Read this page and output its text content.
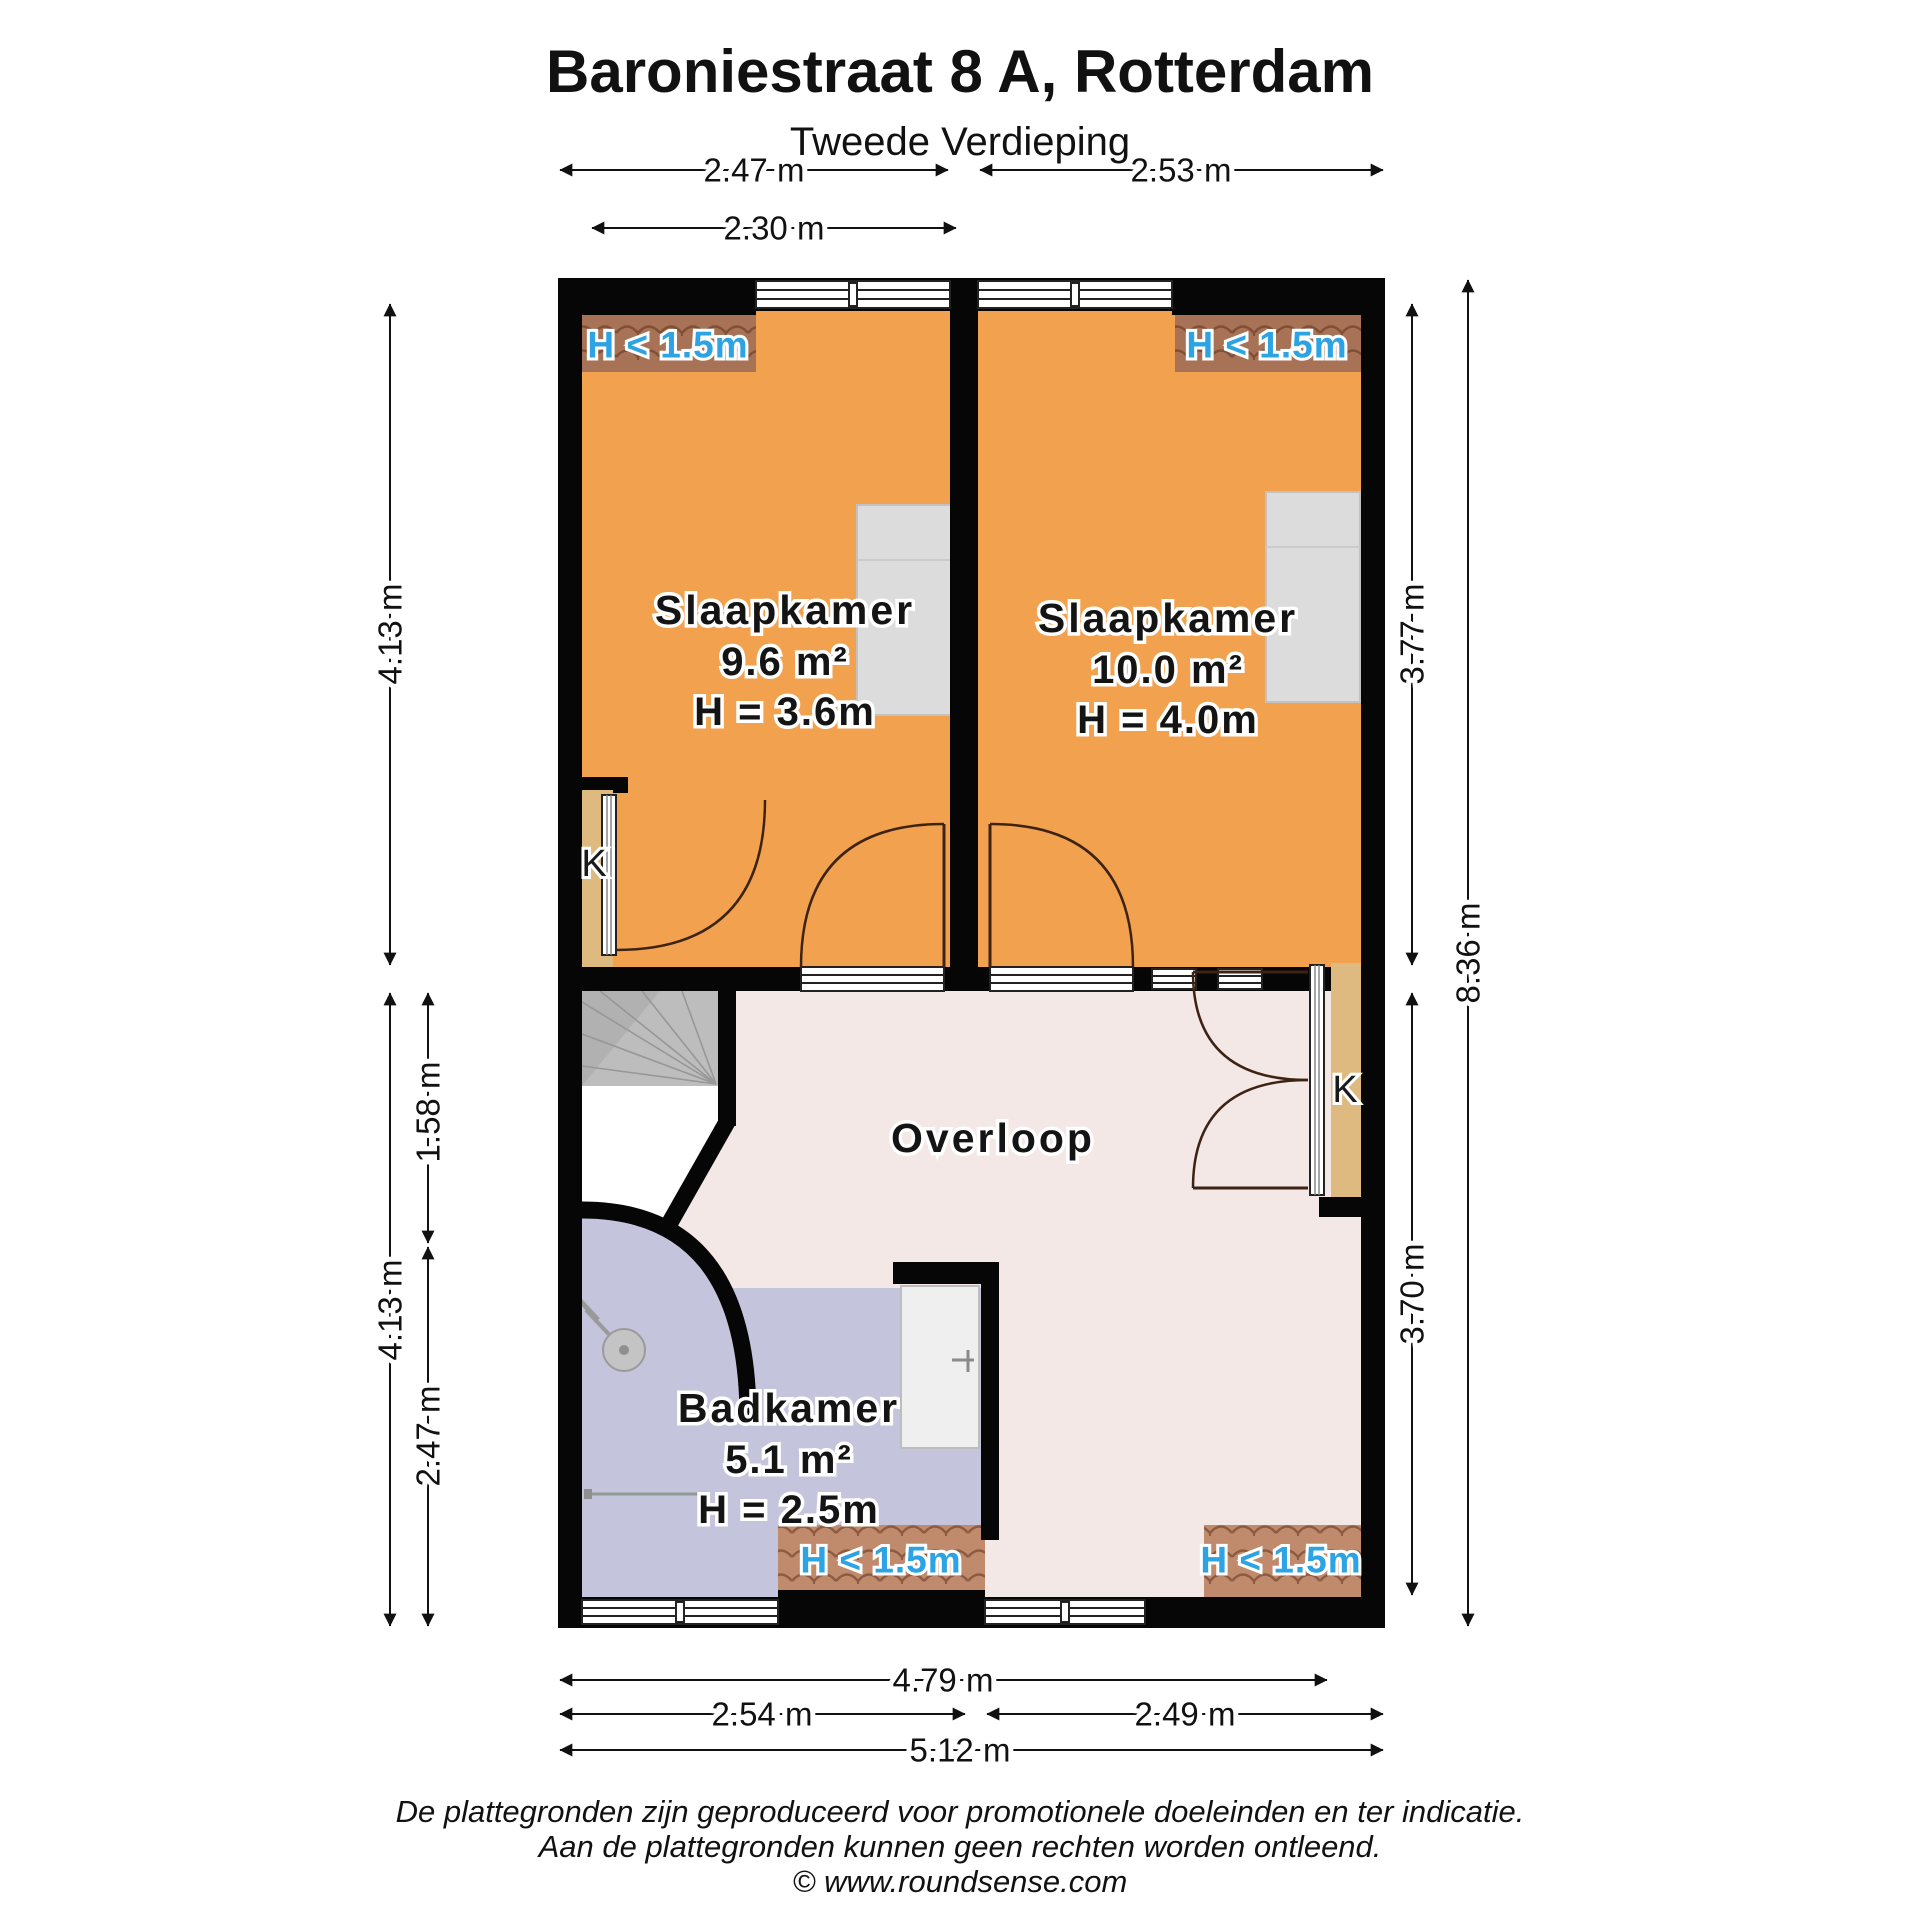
Baroniestraat 8 A, Rotterdam
Tweede Verdieping
Slaapkamer
9.6 m²
H = 3.6m
Slaapkamer
10.0 m²
H = 4.0m
Overloop
Badkamer
5.1 m²
H = 2.5m
K
K
H < 1.5m	H < 1.5m
H < 1.5m	H < 1.5m
2.47 m	2.53 m
2.30 m
4.13 m
4.13 m
1.58 m
2.47 m
3.77 m
3.70 m
8.36 m
4.79 m
2.54 m	2.49 m
5.12 m
De plattegronden zijn geproduceerd voor promotionele doeleinden en ter indicatie.
Aan de plattegronden kunnen geen rechten worden ontleend.
© www.roundsense.com
